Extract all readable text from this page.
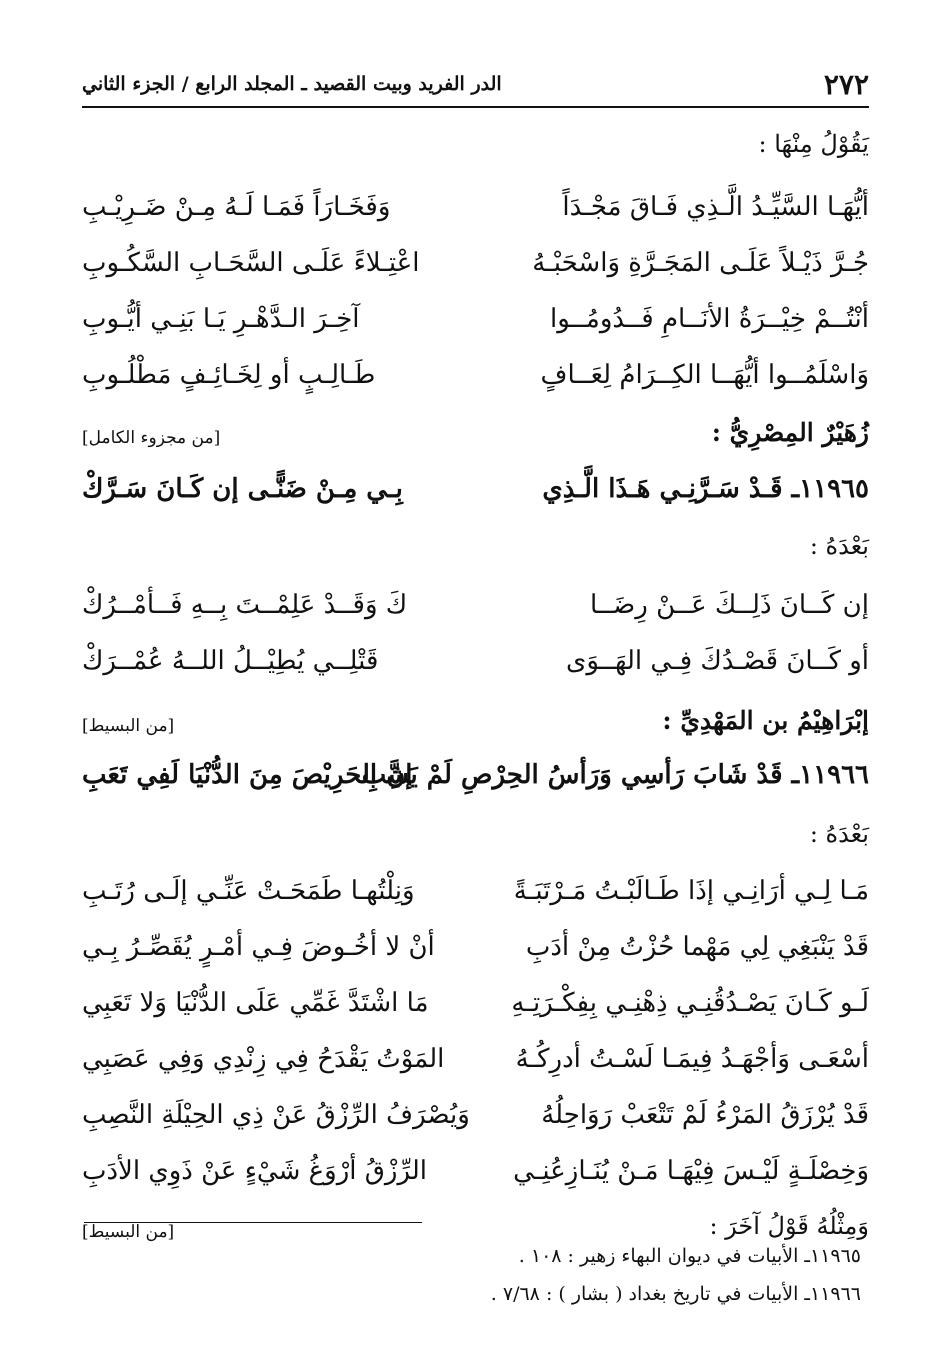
٢٧٢
الدر الفريد وبيت القصيد ـ المجلد الرابع / الجزء الثاني
يَقُوْلُ مِنْهَا :
أيُّهَـا السَّيِّـدُ الَّـذِي فَـاقَ مَجْـدَاً
وَفَخَـارَاً فَمَـا لَـهُ مِـنْ ضَـرِيْـبِ
جُـرَّ ذَيْـلاً عَلَـى المَجَـرَّةِ وَاسْحَبْـهُ
اعْتِـلاءً عَلَـى السَّحَـابِ السَّكُـوبِ
أنْتُــمْ خِيْــرَةُ الأنَــامِ فَــدُومُــوا
آخِـرَ الـدَّهْـرِ يَـا بَنِـي أيُّـوبِ
وَاسْلَمُــوا أيُّهَــا الكِــرَامُ لِعَــافٍ
طَـالِـبٍ أو لِخَـائِـفٍ مَطْلُـوبِ
زُهَيْرٌ المِصْرِيُّ :
[من مجزوء الكامل]
١١٩٦٥ـ قَـدْ سَـرَّنِـي هَـذَا الَّـذِي
بِـي مِـنْ ضَنًّـى إن كَـانَ سَـرَّكْ
بَعْدَهُ :
إن كَــانَ ذَلِــكَ عَــنْ رِضَــا
كَ وَقَــدْ عَلِمْــتَ بِــهِ فَــأمْــرُكْ
أو كَــانَ قَصْـدُكَ فِـي الهَــوَى
قَتْلِــي يُطِيْــلُ اللــهُ عُمْــرَكْ
إبْرَاهِيْمُ بن المَهْدِيِّ :
[من البسيط]
١١٩٦٦ـ قَدْ شَابَ رَأسِي وَرَأسُ الحِرْصِ لَمْ يَشِبِ
إنَّ الحَرِيْصَ مِنَ الدُّنْيَا لَفِي تَعَبِ
بَعْدَهُ :
مَـا لِـي أرَانِـي إذَا طَـالَبْـتُ مَـرْتَبَـةً
وَنِلْتُهـا طَمَحَـتْ عَنِّـي إلَـى رُتَـبِ
قَدْ يَنْبَغِي لِي مَهْما حُزْتُ مِنْ أدَبِ
أنْ لا أخُـوضَ فِـي أمْـرٍ يُقَصِّـرُ بِـي
لَـو كَـانَ يَصْـدُقُنِـي ذِهْنِـي بِفِكْـرَتِـهِ
مَا اشْتَدَّ غَمِّي عَلَى الدُّنْيَا وَلا تَعَبِي
أسْعَـى وَأجْهَـدُ فِيمَـا لَسْـتُ أدرِكُـهُ
المَوْتُ يَقْدَحُ فِي زِنْدِي وَفِي عَصَبِي
قَدْ يُرْزَقُ المَرْءُ لَمْ تَتْعَبْ رَوَاحِلُهُ
وَيُصْرَفُ الرِّزْقُ عَنْ ذِي الحِيْلَةِ النَّصِبِ
وَخِصْلَـةٍ لَيْـسَ فِيْهَـا مَـنْ يُنَـازِعُنِـي
الرِّزْقُ أرْوَغُ شَيْءٍ عَنْ ذَوِي الأدَبِ
وَمِثْلُهُ قَوْلُ آخَرَ :
[من البسيط]
١١٩٦٥ـ الأبيات في ديوان البهاء زهير : ١٠٨ .
١١٩٦٦ـ الأبيات في تاريخ بغداد ( بشار ) : ٧/٦٨ .
